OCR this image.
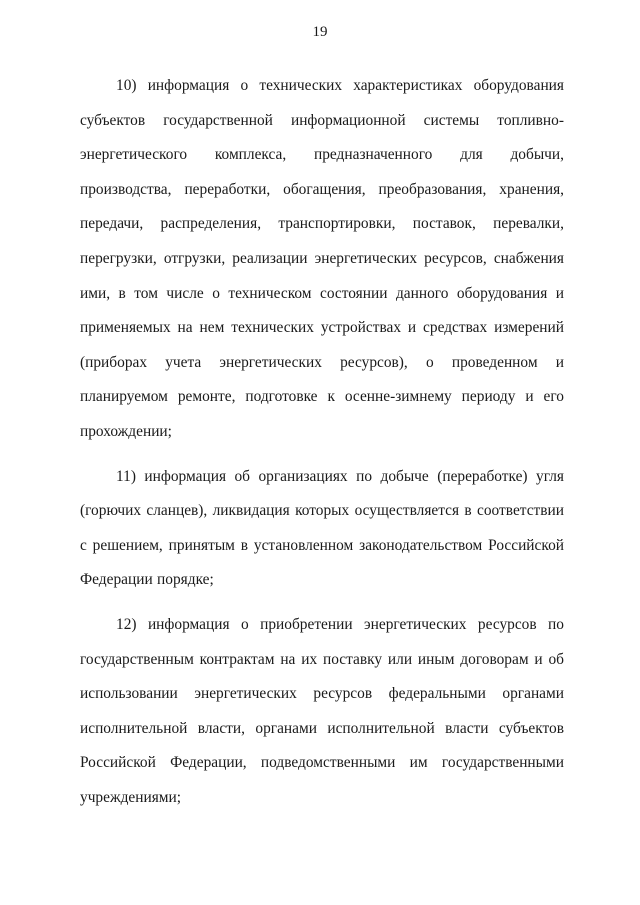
19

10) информация о технических характеристиках оборудования субъектов государственной информационной системы топливно-энергетического комплекса, предназначенного для добычи, производства, переработки, обогащения, преобразования, хранения, передачи, распределения, транспортировки, поставок, перевалки, перегрузки, отгрузки, реализации энергетических ресурсов, снабжения ими, в том числе о техническом состоянии данного оборудования и применяемых на нем технических устройствах и средствах измерений (приборах учета энергетических ресурсов), о проведенном и планируемом ремонте, подготовке к осенне-зимнему периоду и его прохождении;

11) информация об организациях по добыче (переработке) угля (горючих сланцев), ликвидация которых осуществляется в соответствии с решением, принятым в установленном законодательством Российской Федерации порядке;

12) информация о приобретении энергетических ресурсов по государственным контрактам на их поставку или иным договорам и об использовании энергетических ресурсов федеральными органами исполнительной власти, органами исполнительной власти субъектов Российской Федерации, подведомственными им государственными учреждениями;
